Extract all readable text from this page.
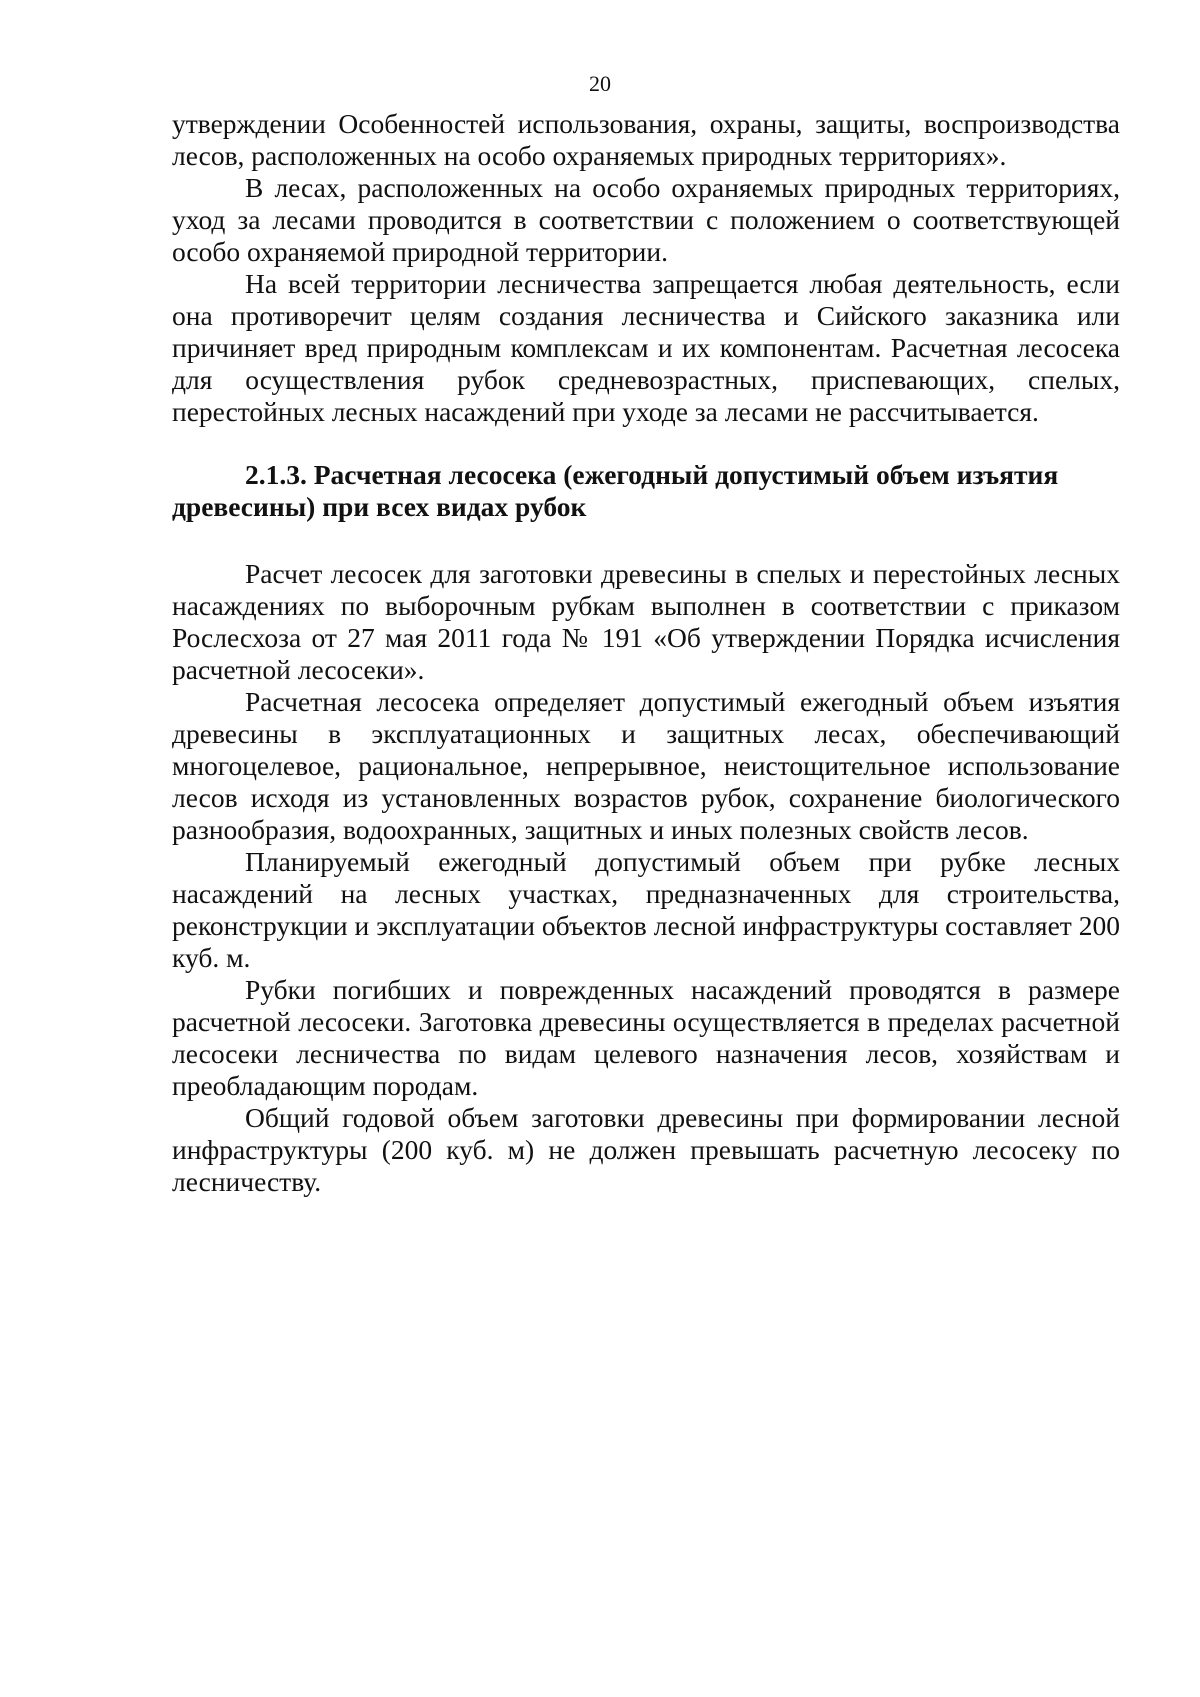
20

утверждении Особенностей использования, охраны, защиты, воспроизводства лесов, расположенных на особо охраняемых природных территориях».

В лесах, расположенных на особо охраняемых природных территориях, уход за лесами проводится в соответствии с положением о соответствующей особо охраняемой природной территории.

На всей территории лесничества запрещается любая деятельность, если она противоречит целям создания лесничества и Сийского заказника или причиняет вред природным комплексам и их компонентам. Расчетная лесосека для осуществления рубок средневозрастных, приспевающих, спелых, перестойных лесных насаждений при уходе за лесами не рассчитывается.

2.1.3. Расчетная лесосека (ежегодный допустимый объем изъятия древесины) при всех видах рубок

Расчет лесосек для заготовки древесины в спелых и перестойных лесных насаждениях по выборочным рубкам выполнен в соответствии с приказом Рослесхоза от 27 мая 2011 года № 191 «Об утверждении Порядка исчисления расчетной лесосеки».

Расчетная лесосека определяет допустимый ежегодный объем изъятия древесины в эксплуатационных и защитных лесах, обеспечивающий многоцелевое, рациональное, непрерывное, неистощительное использование лесов исходя из установленных возрастов рубок, сохранение биологического разнообразия, водоохранных, защитных и иных полезных свойств лесов.

Планируемый ежегодный допустимый объем при рубке лесных насаждений на лесных участках, предназначенных для строительства, реконструкции и эксплуатации объектов лесной инфраструктуры составляет 200 куб. м.

Рубки погибших и поврежденных насаждений проводятся в размере расчетной лесосеки. Заготовка древесины осуществляется в пределах расчетной лесосеки лесничества по видам целевого назначения лесов, хозяйствам и преобладающим породам.

Общий годовой объем заготовки древесины при формировании лесной инфраструктуры (200 куб. м) не должен превышать расчетную лесосеку по лесничеству.
